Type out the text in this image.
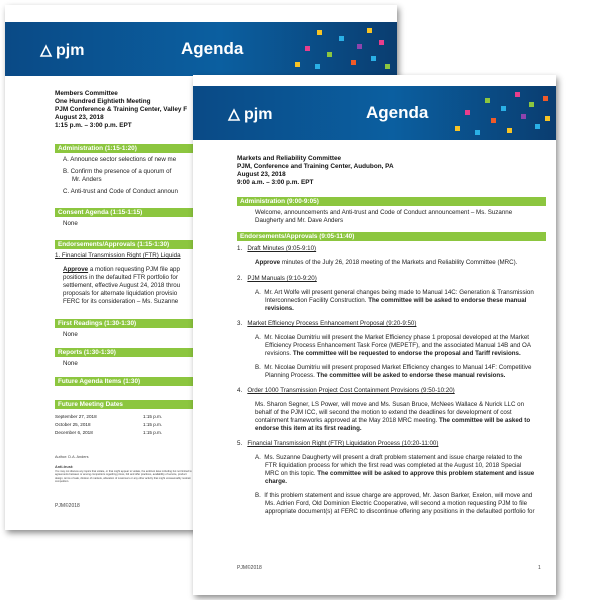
pjm	Agenda
Members Committee
One Hundred Eightieth Meeting
PJM Conference & Training Center, Valley F
August 23, 2018
1:15 p.m. – 3:00 p.m. EPT
Administration (1:15-1:20)
A. Announce sector selections of new me
B. Confirm the presence of a quorum of
Mr. Anders
C. Anti-trust and Code of Conduct announ
Consent Agenda (1:15-1:15)
None
Endorsements/Approvals (1:15-1:30)
1. Financial Transmission Right (FTR) Liquida
Approve a motion requesting PJM file app
positions in the defaulted FTR portfolio for
settlement, effective August 24, 2018 throu
proposals for alternate liquidation provisio
FERC for its consideration – Ms. Suzanne
First Readings (1:30-1:30)
None
Reports (1:30-1:30)
None
Future Agenda Items (1:30)
Future Meeting Dates
September 27, 2018	1:15 p.m.
October 25, 2018	1:15 p.m.
December 6, 2018	1:15 p.m.
Author: D.A. Anders
Anti-trust:
You may not discuss any topics that violate, or that might appear to violate, the antitrust laws including but not limited to agreements between or among competitors regarding prices, bid and offer practices, availability of service, product design, terms of sale, division of markets, allocation of customers or any other activity that might unreasonably restrain competition.
PJM©2018
pjm	Agenda
Markets and Reliability Committee
PJM, Conference and Training Center, Audubon, PA
August 23, 2018
9:00 a.m. – 3:00 p.m. EPT
Administration (9:00-9:05)
Welcome, announcements and Anti-trust and Code of Conduct announcement – Ms. Suzanne
Daugherty and Mr. Dave Anders
Endorsements/Approvals (9:05-11:40)
1.   Draft Minutes (9:05-9:10)
Approve minutes of the July 26, 2018 meeting of the Markets and Reliability Committee (MRC).
2.   PJM Manuals (9:10-9:20)
A.  Mr. Art Wolfe will present general changes being made to Manual 14C: Generation & Transmission
Interconnection Facility Construction. The committee will be asked to endorse these manual
revisions.
3.   Market Efficiency Process Enhancement Proposal (9:20-9:50)
A.  Mr. Nicolae Dumitriu will present the Market Efficiency phase 1 proposal developed at the Market
Efficiency Process Enhancement Task Force (MEPETF), and the associated Manual 14B and OA
revisions. The committee will be requested to endorse the proposal and Tariff revisions.
B.  Mr. Nicolae Dumitriu will present proposed Market Efficiency changes to Manual 14F: Competitive
Planning Process. The committee will be asked to endorse these manual revisions.
4.   Order 1000 Transmission Project Cost Containment Provisions (9:50-10:20)
Ms. Sharon Segner, LS Power, will move and Ms. Susan Bruce, McNees Wallace & Nurick LLC on
behalf of the PJM ICC, will second the motion to extend the deadlines for development of cost
containment frameworks approved at the May 2018 MRC meeting. The committee will be asked to
endorse this item at its first reading.
5.   Financial Transmission Right (FTR) Liquidation Process (10:20-11:00)
A.  Ms. Suzanne Daugherty will present a draft problem statement and issue charge related to the
FTR liquidation process for which the first read was completed at the August 10, 2018 Special
MRC on this topic. The committee will be asked to approve this problem statement and issue
charge.
B.  If this problem statement and issue charge are approved, Mr. Jason Barker, Exelon, will move and
Ms. Adrien Ford, Old Dominion Electric Cooperative, will second a motion requesting PJM to file
appropriate document(s) at FERC to discontinue offering any positions in the defaulted portfolio for
PJM©2018	1
